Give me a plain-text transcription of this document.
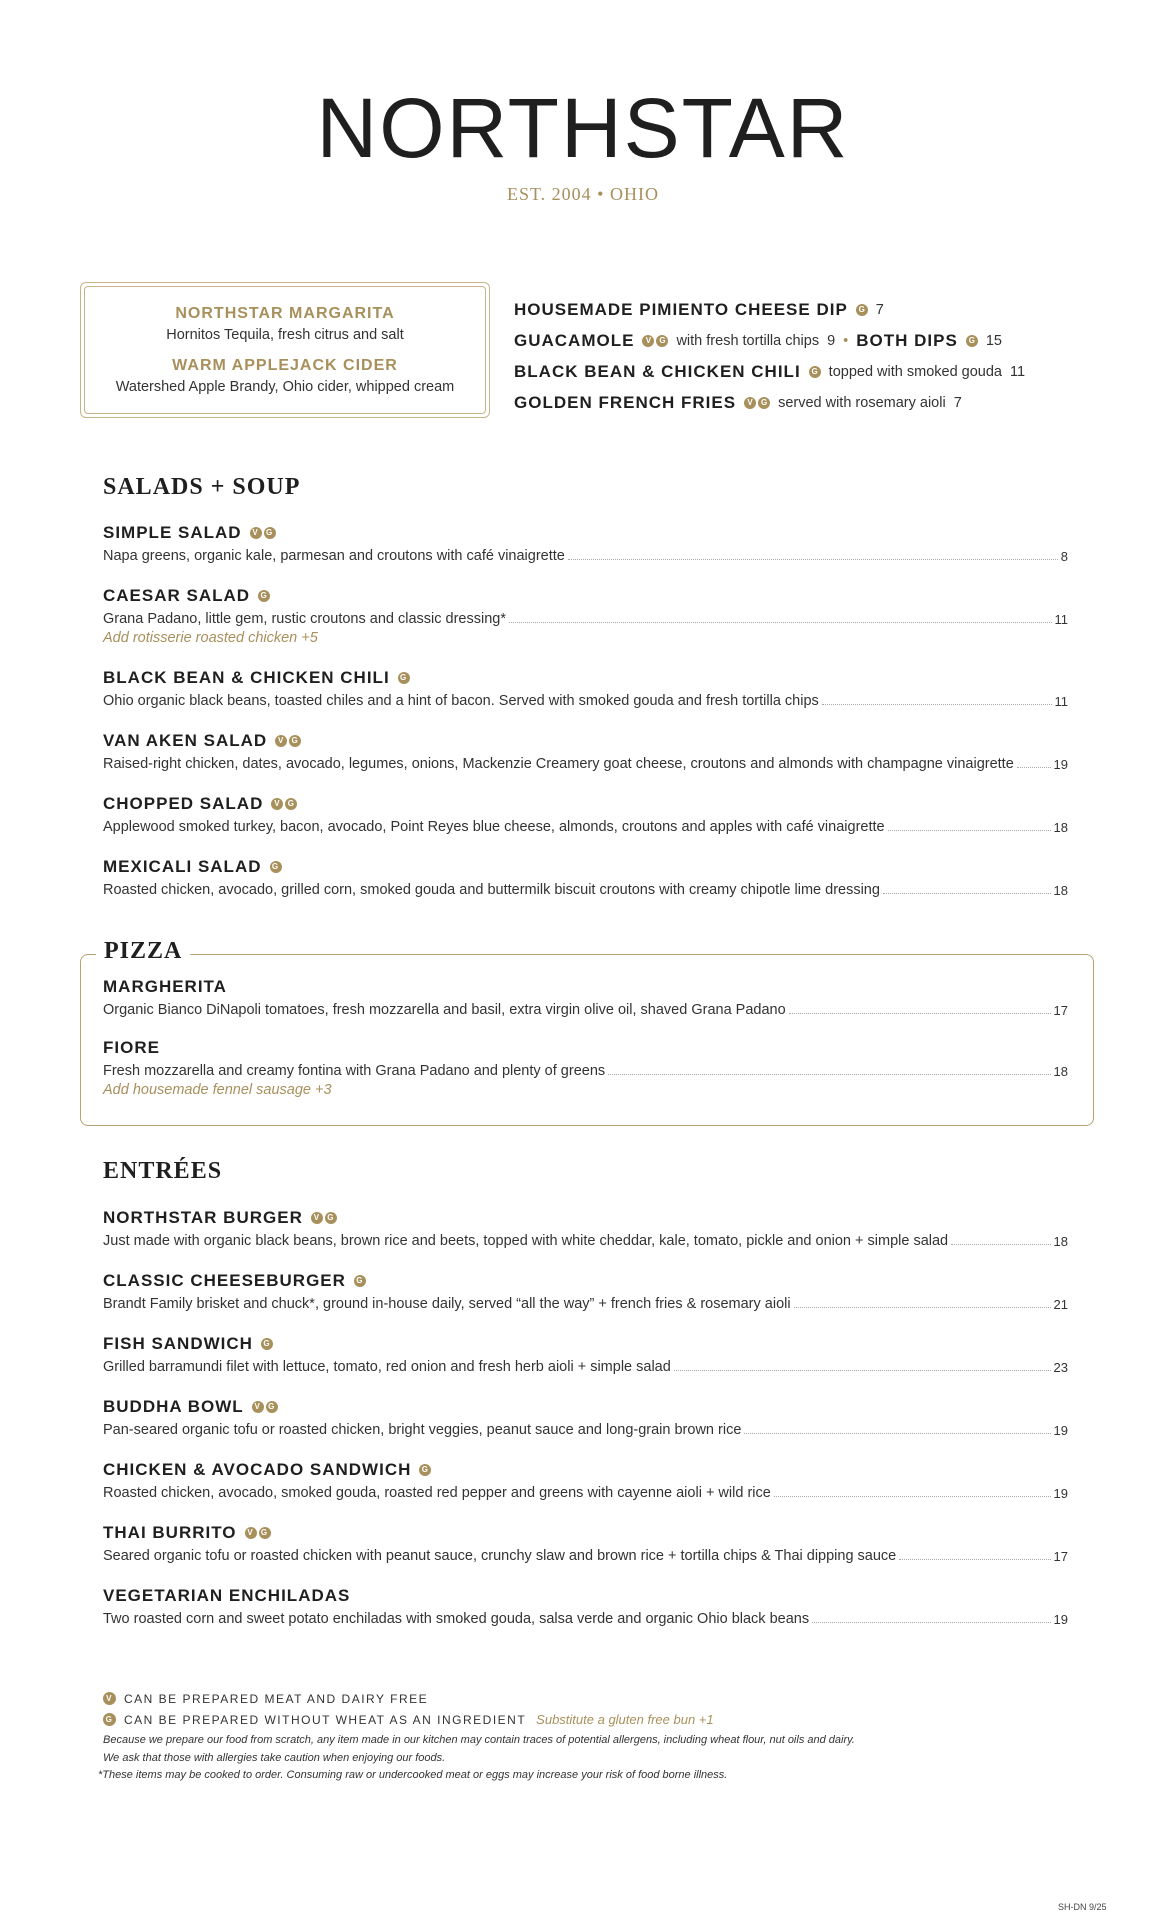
NORTHSTAR
EST. 2004 • OHIO
NORTHSTAR MARGARITA
Hornitos Tequila, fresh citrus and salt
WARM APPLEJACK CIDER
Watershed Apple Brandy, Ohio cider, whipped cream
HOUSEMADE PIMIENTO CHEESE DIP	G 7
GUACAMOLE	V	G with fresh tortilla chips 9 • BOTH DIPS	G 15
BLACK BEAN & CHICKEN CHILI	G topped with smoked gouda 11
GOLDEN FRENCH FRIES	V	G served with rosemary aioli 7
SALADS + SOUP
SIMPLE SALAD	V G
Napa greens, organic kale, parmesan and croutons with café vinaigrette	8
CAESAR SALAD G
Grana Padano, little gem, rustic croutons and classic dressing*	11
Add rotisserie roasted chicken +5
BLACK BEAN & CHICKEN CHILI G
Ohio organic black beans, toasted chiles and a hint of bacon. Served with smoked gouda and fresh tortilla chips	11
VAN AKEN SALAD	V G
Raised-right chicken, dates, avocado, legumes, onions, Mackenzie Creamery goat cheese, croutons and almonds with champagne vinaigrette	19
CHOPPED SALAD	V G
Applewood smoked turkey, bacon, avocado, Point Reyes blue cheese, almonds, croutons and apples with café vinaigrette	18
MEXICALI SALAD G
Roasted chicken, avocado, grilled corn, smoked gouda and buttermilk biscuit croutons with creamy chipotle lime dressing	18
PIZZA
MARGHERITA
Organic Bianco DiNapoli tomatoes, fresh mozzarella and basil, extra virgin olive oil, shaved Grana Padano	17
FIORE
Fresh mozzarella and creamy fontina with Grana Padano and plenty of greens	18
Add housemade fennel sausage +3
ENTRÉES
NORTHSTAR BURGER	V G
Just made with organic black beans, brown rice and beets, topped with white cheddar, kale, tomato, pickle and onion + simple salad	18
CLASSIC CHEESEBURGER G
Brandt Family brisket and chuck*, ground in-house daily, served “all the way” + french fries & rosemary aioli	21
FISH SANDWICH G
Grilled barramundi filet with lettuce, tomato, red onion and fresh herb aioli + simple salad	23
BUDDHA BOWL	V G
Pan-seared organic tofu or roasted chicken, bright veggies, peanut sauce and long-grain brown rice	19
CHICKEN & AVOCADO SANDWICH G
Roasted chicken, avocado, smoked gouda, roasted red pepper and greens with cayenne aioli + wild rice	19
THAI BURRITO	V G
Seared organic tofu or roasted chicken with peanut sauce, crunchy slaw and brown rice + tortilla chips & Thai dipping sauce	17
VEGETARIAN ENCHILADAS
Two roasted corn and sweet potato enchiladas with smoked gouda, salsa verde and organic Ohio black beans	19
V CAN BE PREPARED MEAT AND DAIRY FREE
G CAN BE PREPARED WITHOUT WHEAT AS AN INGREDIENT Substitute a gluten free bun +1
Because we prepare our food from scratch, any item made in our kitchen may contain traces of potential allergens, including wheat flour, nut oils and dairy.
We ask that those with allergies take caution when enjoying our foods.
*These items may be cooked to order. Consuming raw or undercooked meat or eggs may increase your risk of food borne illness.
SH-DN 9/25
